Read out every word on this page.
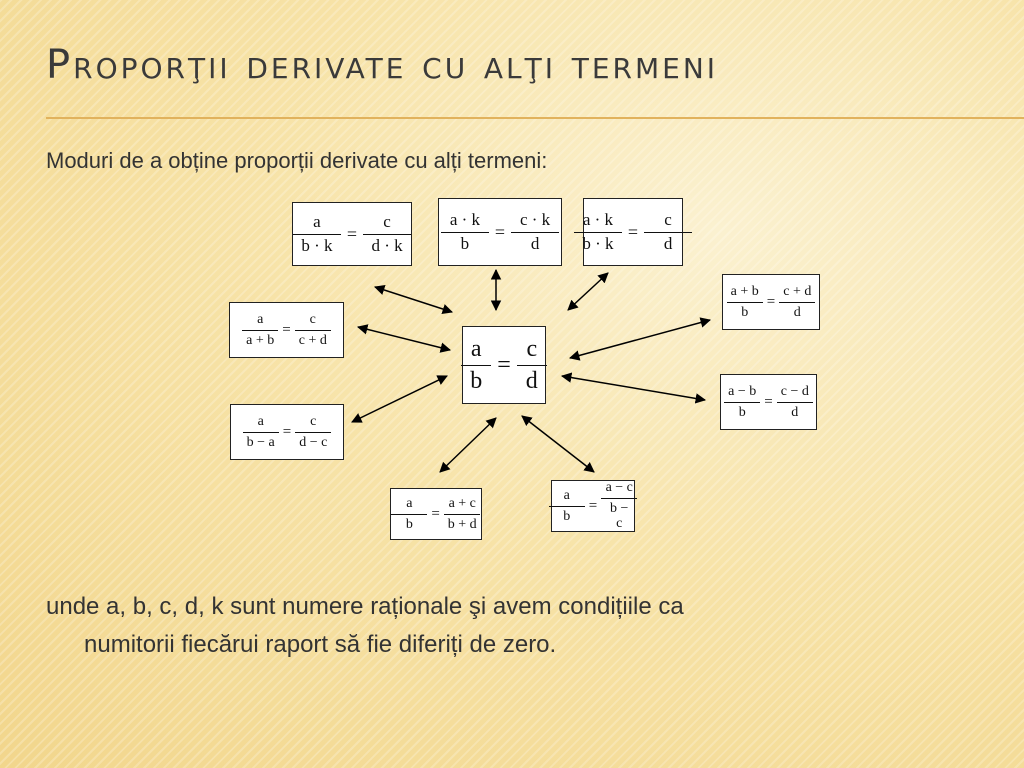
Proporţii derivate cu alţi termeni
Moduri de a obține proporții derivate cu alți termeni:
$\frac{a}{b} = \frac{c}{d}$
$\frac{a}{b \cdot k} = \frac{c}{d \cdot k} \frac{a \cdot k}{b} = \frac{c \cdot k}{d} \frac{a \cdot k}{b \cdot k} = \frac{c}{d}$
$\frac{a + b}{b} = \frac{c + d}{d}$
$\frac{a}{a + b} = \frac{c}{c + d}$
$\frac{a - b}{b} = \frac{c - d}{d}$
$\frac{a}{b - a} = \frac{c}{d - c}$
$\frac{a}{b} = \frac{a + c}{b + d}$	$\frac{a}{b} = \frac{a - c}{b - c}$
unde a, b, c, d, k sunt numere raționale şi avem condițiile ca
numitorii fiecărui raport să fie diferiți de zero.
